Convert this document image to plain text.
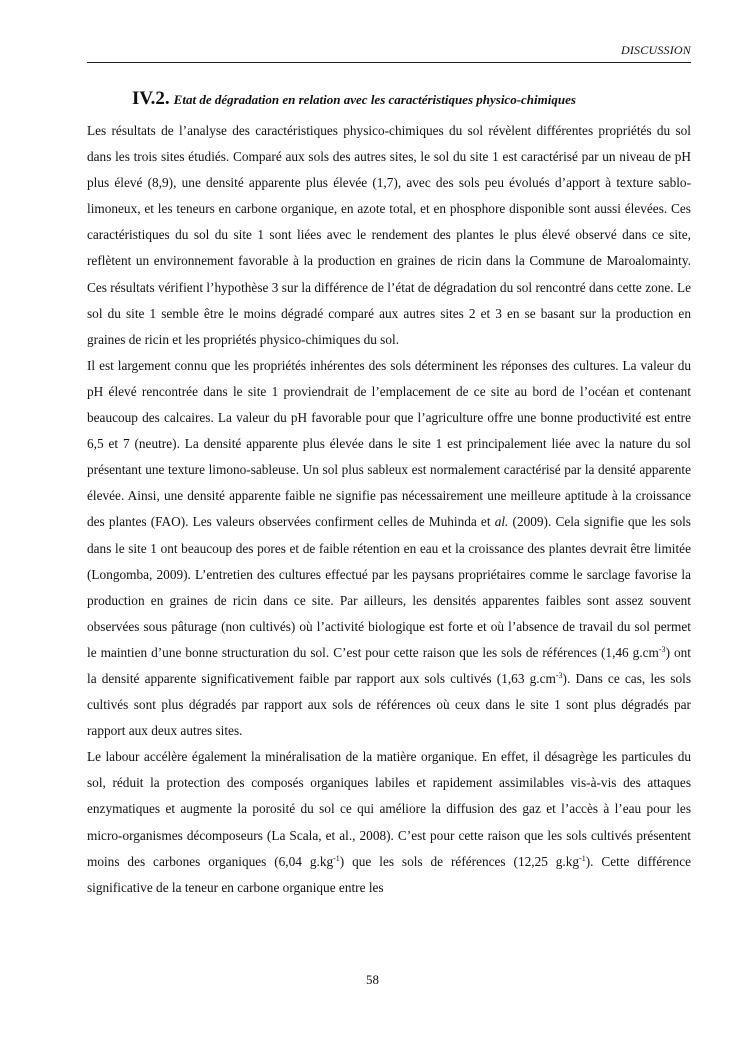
DISCUSSION
IV.2. Etat de dégradation en relation avec les caractéristiques physico-chimiques

Les résultats de l’analyse des caractéristiques physico-chimiques du sol révèlent différentes propriétés du sol dans les trois sites étudiés. Comparé aux sols des autres sites, le sol du site 1 est caractérisé par un niveau de pH plus élevé (8,9), une densité apparente plus élevée (1,7), avec des sols peu évolués d’apport à texture sablo-limoneux, et les teneurs en carbone organique, en azote total, et en phosphore disponible sont aussi élevées. Ces caractéristiques du sol du site 1 sont liées avec le rendement des plantes le plus élevé observé dans ce site, reflètent un environnement favorable à la production en graines de ricin dans la Commune de Maroalomainty. Ces résultats vérifient l’hypothèse 3 sur la différence de l’état de dégradation du sol rencontré dans cette zone. Le sol du site 1 semble être le moins dégradé comparé aux autres sites 2 et 3 en se basant sur la production en graines de ricin et les propriétés physico-chimiques du sol.

Il est largement connu que les propriétés inhérentes des sols déterminent les réponses des cultures. La valeur du pH élevé rencontrée dans le site 1 proviendrait de l’emplacement de ce site au bord de l’océan et contenant beaucoup des calcaires. La valeur du pH favorable pour que l’agriculture offre une bonne productivité est entre 6,5 et 7 (neutre). La densité apparente plus élevée dans le site 1 est principalement liée avec la nature du sol présentant une texture limono-sableuse. Un sol plus sableux est normalement caractérisé par la densité apparente élevée. Ainsi, une densité apparente faible ne signifie pas nécessairement une meilleure aptitude à la croissance des plantes (FAO). Les valeurs observées confirment celles de Muhinda et al. (2009). Cela signifie que les sols dans le site 1 ont beaucoup des pores et de faible rétention en eau et la croissance des plantes devrait être limitée (Longomba, 2009). L’entretien des cultures effectué par les paysans propriétaires comme le sarclage favorise la production en graines de ricin dans ce site. Par ailleurs, les densités apparentes faibles sont assez souvent observées sous pâturage (non cultivés) où l’activité biologique est forte et où l’absence de travail du sol permet le maintien d’une bonne structuration du sol. C’est pour cette raison que les sols de références (1,46 $g.cm^{-3}$) ont la densité apparente significativement faible par rapport aux sols cultivés (1,63 $g.cm^{-3}$). Dans ce cas, les sols cultivés sont plus dégradés par rapport aux sols de références où ceux dans le site 1 sont plus dégradés par rapport aux deux autres sites.

Le labour accélère également la minéralisation de la matière organique. En effet, il désagrège les particules du sol, réduit la protection des composés organiques labiles et rapidement assimilables vis-à-vis des attaques enzymatiques et augmente la porosité du sol ce qui améliore la diffusion des gaz et l’accès à l’eau pour les micro-organismes décomposeurs (La Scala, et al., 2008). C’est pour cette raison que les sols cultivés présentent moins des carbones organiques (6,04 $g.kg^{-1}$) que les sols de références (12,25 $g.kg^{-1}$). Cette différence significative de la teneur en carbone organique entre les

58
